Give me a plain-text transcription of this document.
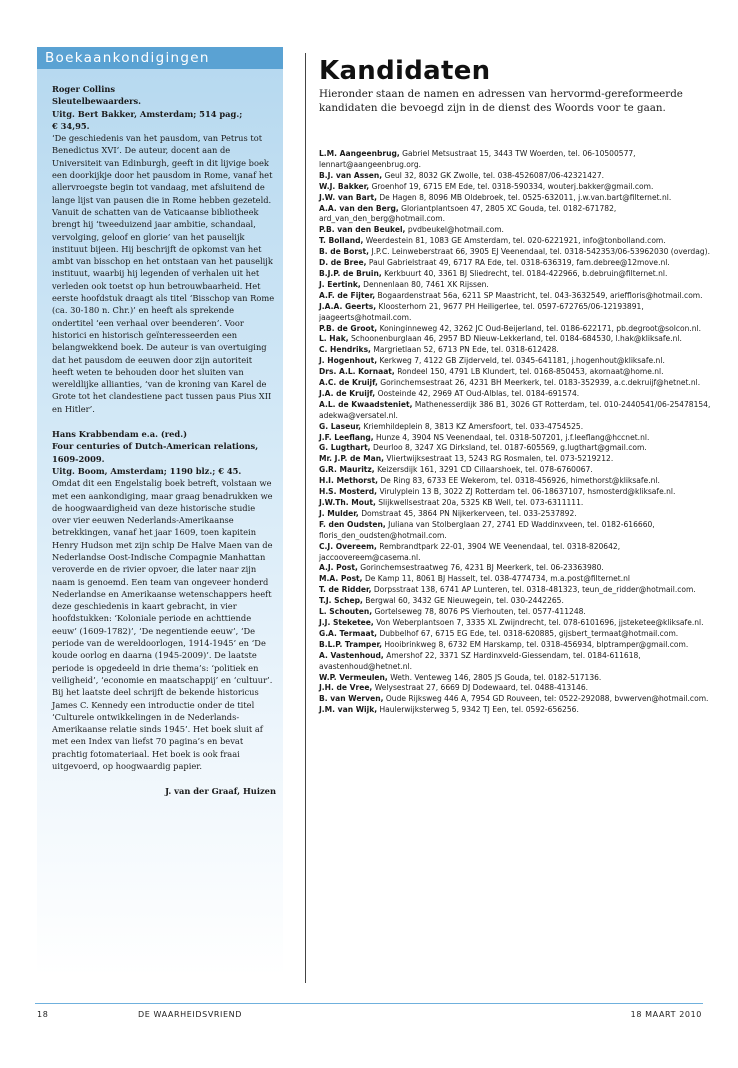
Boekaankondigingen

Roger Collins

Sleutelbewaarders.

Uitg. Bert Bakker, Amsterdam; 514 pag.;

€ 34,95.

‘De geschiedenis van het pausdom, van Petrus tot Benedictus XVI’. De auteur, docent aan de Universiteit van Edinburgh, geeft in dit lijvige boek een doorkijkje door het pausdom in Rome, vanaf het allervroegste begin tot vandaag, met afsluitend de lange lijst van pausen die in Rome hebben gezeteld. Vanuit de schatten van de Vaticaanse bibliotheek brengt hij ‘tweeduizend jaar ambitie, schandaal, vervolging, geloof en glorie’ van het pauselijk instituut bijeen. Hij beschrijft de opkomst van het ambt van bisschop en het ontstaan van het pauselijk instituut, waarbij hij legenden of verhalen uit het verleden ook toetst op hun betrouwbaarheid. Het eerste hoofdstuk draagt als titel ‘Bisschop van Rome (ca. 30-180 n. Chr.)’ en heeft als sprekende ondertitel ‘een verhaal over beenderen’. Voor historici en historisch geïnteresseerden een belangwekkend boek. De auteur is van overtuiging dat het pausdom de eeuwen door zijn autoriteit heeft weten te behouden door het sluiten van wereldlijke allianties, ‘van de kroning van Karel de Grote tot het clandestiene pact tussen paus Pius XII en Hitler’.

Hans Krabbendam e.a. (red.)

Four centuries of Dutch-American relations, 1609-2009.

Uitg. Boom, Amsterdam; 1190 blz.; € 45.

Omdat dit een Engelstalig boek betreft, volstaan we met een aankondiging, maar graag benadrukken we de hoogwaardigheid van deze historische studie over vier eeuwen Nederlands-Amerikaanse betrekkingen, vanaf het jaar 1609, toen kapitein Henry Hudson met zijn schip De Halve Maen van de Nederlandse Oost-Indische Compagnie Manhattan veroverde en de rivier opvoer, die later naar zijn naam is genoemd. Een team van ongeveer honderd Nederlandse en Amerikaanse wetenschappers heeft deze geschiedenis in kaart gebracht, in vier hoofdstukken: ‘Koloniale periode en achttiende eeuw’ (1609-1782)’, ‘De negentiende eeuw’, ‘De periode van de wereldoorlogen, 1914-1945’ en ‘De koude oorlog en daarna (1945-2009)’. De laatste periode is opgedeeld in drie thema’s: ‘politiek en veiligheid’, ‘economie en maatschappij’ en ‘cultuur’. Bij het laatste deel schrijft de bekende historicus James C. Kennedy een introductie onder de titel ‘Culturele ontwikkelingen in de Nederlands-Amerikaanse relatie sinds 1945’. Het boek sluit af met een Index van liefst 70 pagina’s en bevat prachtig fotomateriaal. Het boek is ook fraai uitgevoerd, op hoogwaardig papier.

J. van der Graaf, Huizen

Kandidaten
Hieronder staan de namen en adressen van hervormd-gereformeerde kandidaten die bevoegd zijn in de dienst des Woords voor te gaan.

L.M. Aangeenbrug, Gabriel Metsustraat 15, 3443 TW Woerden, tel. 06-10500577, lennart@aangeenbrug.org.

B.J. van Assen, Geul 32, 8032 GK Zwolle, tel. 038-4526087/06-42321427.

W.J. Bakker, Groenhof 19, 6715 EM Ede, tel. 0318-590334, wouterj.bakker@gmail.com.

J.W. van Bart, De Hagen 8, 8096 MB Oldebroek, tel. 0525-632011, j.w.van.bart@filternet.nl.

A.A. van den Berg, Gloriantplantsoen 47, 2805 XC Gouda, tel. 0182-671782, ard_van_den_berg@hotmail.com.

P.B. van den Beukel, pvdbeukel@hotmail.com.

T. Bolland, Weerdestein 81, 1083 GE Amsterdam, tel. 020-6221921, info@tonbolland.com.

B. de Borst, J.P.C. Leinweberstraat 66, 3905 EJ Veenendaal, tel. 0318-542353/06-53962030 (overdag).

D. de Bree, Paul Gabrielstraat 49, 6717 RA Ede, tel. 0318-636319, fam.debree@12move.nl.

B.J.P. de Bruin, Kerkbuurt 40, 3361 BJ Sliedrecht, tel. 0184-422966, b.debruin@filternet.nl.

J. Eertink, Dennenlaan 80, 7461 XK Rijssen.

A.F. de Fijter, Bogaardenstraat 56a, 6211 SP Maastricht, tel. 043-3632549, arieffloris@hotmail.com.

J.A.A. Geerts, Kloosterhorn 21, 9677 PH Heiligerlee, tel. 0597-672765/06-12193891, jaageerts@hotmail.com.

P.B. de Groot, Koninginneweg 42, 3262 JC Oud-Beijerland, tel. 0186-622171, pb.degroot@solcon.nl.

L. Hak, Schoonenburglaan 46, 2957 BD Nieuw-Lekkerland, tel. 0184-684530, l.hak@kliksafe.nl.

C. Hendriks, Margrietlaan 52, 6713 PN Ede, tel. 0318-612428.

J. Hogenhout, Kerkweg 7, 4122 GB Zijderveld, tel. 0345-641181, j.hogenhout@kliksafe.nl.

Drs. A.L. Kornaat, Rondeel 150, 4791 LB Klundert, tel. 0168-850453, akornaat@home.nl.

A.C. de Kruijf, Gorinchemsestraat 26, 4231 BH Meerkerk, tel. 0183-352939, a.c.dekruijf@hetnet.nl.

J.A. de Kruijf, Oosteinde 42, 2969 AT Oud-Alblas, tel. 0184-691574.

A.L. de Kwaadsteniet, Mathenesserdijk 386 B1, 3026 GT Rotterdam, tel. 010-2440541/06-25478154, adekwa@versatel.nl.

G. Laseur, Kriemhildeplein 8, 3813 KZ Amersfoort, tel. 033-4754525.

J.F. Leeflang, Hunze 4, 3904 NS Veenendaal, tel. 0318-507201, j.f.leeflang@hccnet.nl.

G. Lugthart, Deurloo 8, 3247 XG Dirksland, tel. 0187-605569, g.lugthart@gmail.com.

Mr. J.P. de Man, Vliertwijksestraat 13, 5243 RG Rosmalen, tel. 073-5219212.

G.R. Mauritz, Keizersdijk 161, 3291 CD Cillaarshoek, tel. 078-6760067.

H.I. Methorst, De Ring 83, 6733 EE Wekerom, tel. 0318-456926, himethorst@kliksafe.nl.

H.S. Mosterd, Virulyplein 13 B, 3022 ZJ Rotterdam tel. 06-18637107, hsmosterd@kliksafe.nl.

J.W.Th. Mout, Slijkwellsestraat 20a, 5325 KB Well, tel. 073-6311111.

J. Mulder, Domstraat 45, 3864 PN Nijkerkerveen, tel. 033-2537892.

F. den Oudsten, Juliana van Stolberglaan 27, 2741 ED Waddinxveen, tel. 0182-616660, floris_den_oudsten@hotmail.com.

C.J. Overeem, Rembrandtpark 22-01, 3904 WE Veenendaal, tel. 0318-820642, jaccoovereem@casema.nl.

A.J. Post, Gorinchemsestraatweg 76, 4231 BJ Meerkerk, tel. 06-23363980.

M.A. Post, De Kamp 11, 8061 BJ Hasselt, tel. 038-4774734, m.a.post@filternet.nl

T. de Ridder, Dorpsstraat 138, 6741 AP Lunteren, tel. 0318-481323, teun_de_ridder@hotmail.com.

T.J. Schep, Bergwal 60, 3432 GE Nieuwegein, tel. 030-2442265.

L. Schouten, Gortelseweg 78, 8076 PS Vierhouten, tel. 0577-411248.

J.J. Steketee, Von Weberplantsoen 7, 3335 XL Zwijndrecht, tel. 078-6101696, jjsteketee@kliksafe.nl.

G.A. Termaat, Dubbelhof 67, 6715 EG Ede, tel. 0318-620885, gijsbert_termaat@hotmail.com.

B.L.P. Tramper, Hooibrinkweg 8, 6732 EM Harskamp, tel. 0318-456934, blptramper@gmail.com.

A. Vastenhoud, Amershof 22, 3371 SZ Hardinxveld-Giessendam, tel. 0184-611618, avastenhoud@hetnet.nl.

W.P. Vermeulen, Weth. Venteweg 146, 2805 JS Gouda, tel. 0182-517136.

J.H. de Vree, Welysestraat 27, 6669 DJ Dodewaard, tel. 0488-413146.

B. van Werven, Oude Rijksweg 446 A, 7954 GD Rouveen, tel: 0522-292088, bvwerven@hotmail.com.

J.M. van Wijk, Haulerwijksterweg 5, 9342 TJ Een, tel. 0592-656256.

18	DE WAARHEIDSVRIEND	18 MAART 2010
